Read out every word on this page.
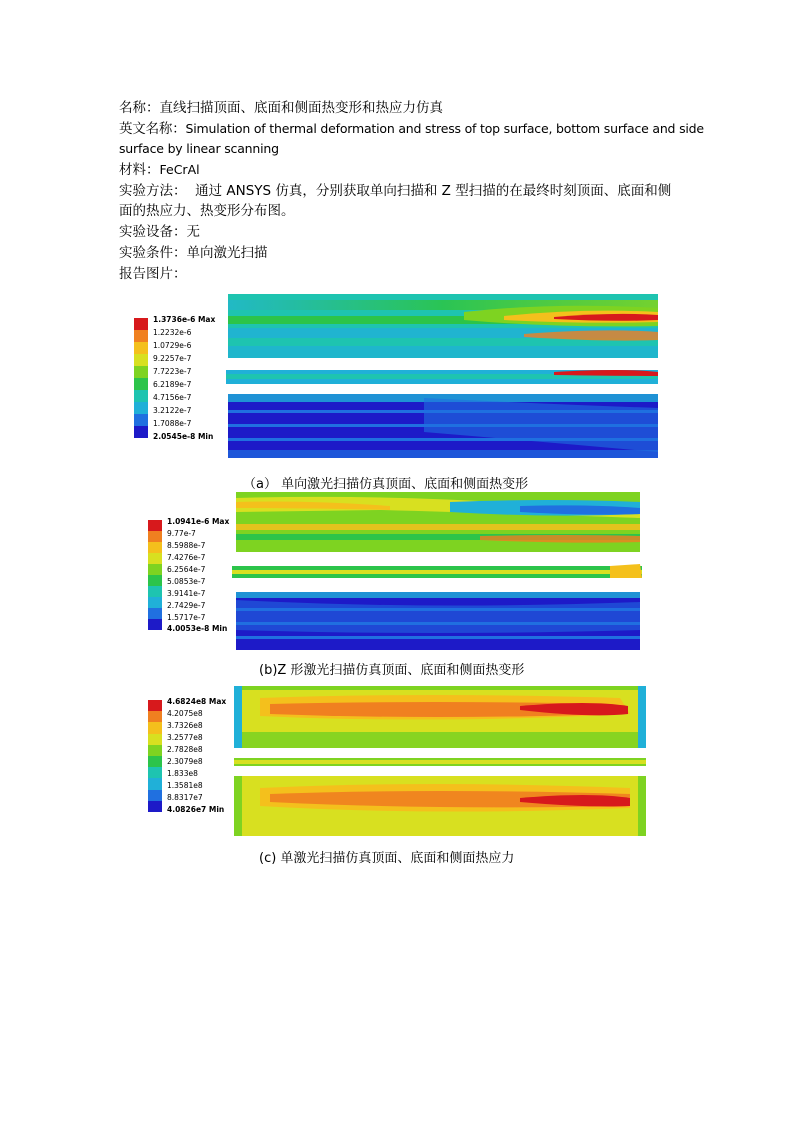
名称：直线扫描顶面、底面和侧面热变形和热应力仿真
英文名称：Simulation of thermal deformation and stress of top surface, bottom surface and side
surface by linear scanning
材料：FeCrAl
实验方法：  通过 ANSYS 仿真，分别获取单向扫描和 Z 型扫描的在最终时刻顶面、底面和侧
面的热应力、热变形分布图。
实验设备：无
实验条件：单向激光扫描
报告图片：
1.3736e-6 Max
1.2232e-6
1.0729e-6
9.2257e-7
7.7223e-7
6.2189e-7
4.7156e-7
3.2122e-7
1.7088e-7
2.0545e-8 Min
（a） 单向激光扫描仿真顶面、底面和侧面热变形
1.0941e-6 Max
9.77e-7
8.5988e-7
7.4276e-7
6.2564e-7
5.0853e-7
3.9141e-7
2.7429e-7
1.5717e-7
4.0053e-8 Min
(b)Z 形激光扫描仿真顶面、底面和侧面热变形
4.6824e8 Max
4.2075e8
3.7326e8
3.2577e8
2.7828e8
2.3079e8
1.833e8
1.3581e8
8.8317e7
4.0826e7 Min
(c) 单激光扫描仿真顶面、底面和侧面热应力
